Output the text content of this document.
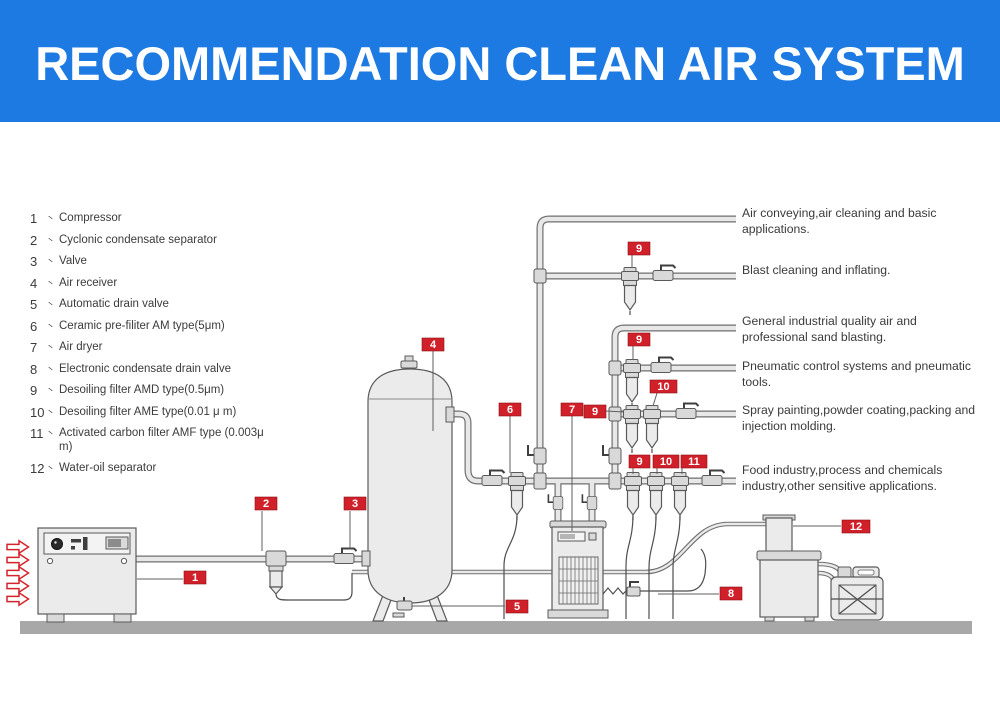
RECOMMENDATION CLEAN AIR SYSTEM
1	Compressor
2	Cyclonic condensate separator
3	Valve
4	Air receiver
5	Automatic drain valve
6	Ceramic pre-filiter AM type(5μm)
7	Air dryer
8	Electronic condensate drain valve
9	Desoiling filter AMD type(0.5μm)
10	Desoiling filter AME type(0.01 μ m)
11	Activated carbon filter AMF type (0.003μ m)
12	Water-oil separator
Air conveying,air cleaning and basic applications.
Blast cleaning and inflating.
General industrial quality air and professional sand blasting.
Pneumatic control systems and pneumatic tools.
Spray painting,powder coating,packing and injection molding.
Food industry,process and chemicals industry,other sensitive applications.
1
2	3
4
5
6	7
8
9
9
9
10
9 10 11
12
